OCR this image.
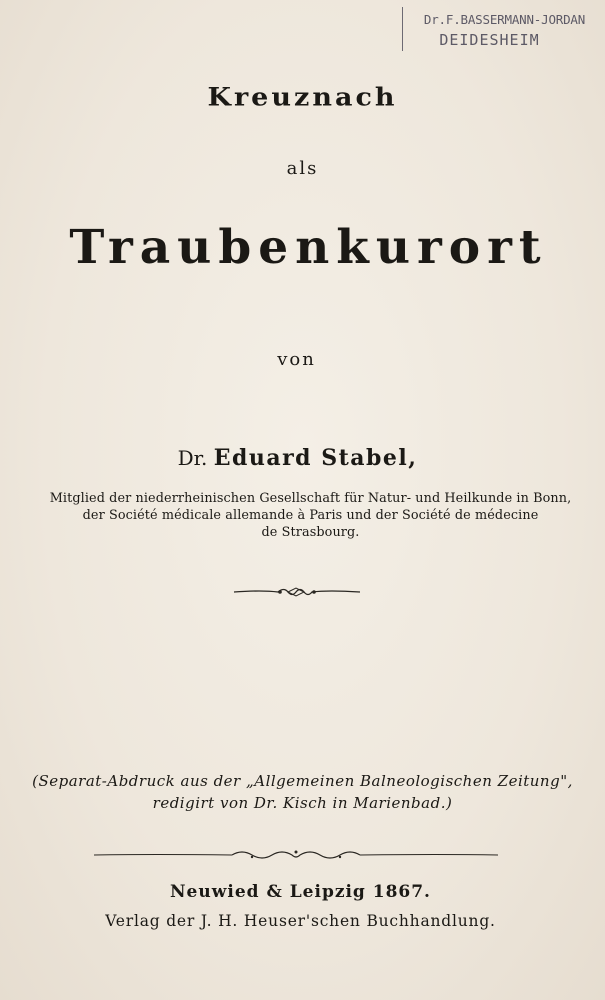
Dr.F.BASSERMANN-JORDAN
DEIDESHEIM
Kreuznach
als
Traubenkurort
von
Dr. Eduard Stabel,
Mitglied der niederrheinischen Gesellschaft für Natur- und Heilkunde in Bonn,
der Société médicale allemande à Paris und der Société de médecine
de Strasbourg.
(Separat-Abdruck aus der „Allgemeinen Balneologischen Zeitung",
redigirt von Dr. Kisch in Marienbad.)
Neuwied & Leipzig 1867.
Verlag der J. H. Heuser'schen Buchhandlung.
